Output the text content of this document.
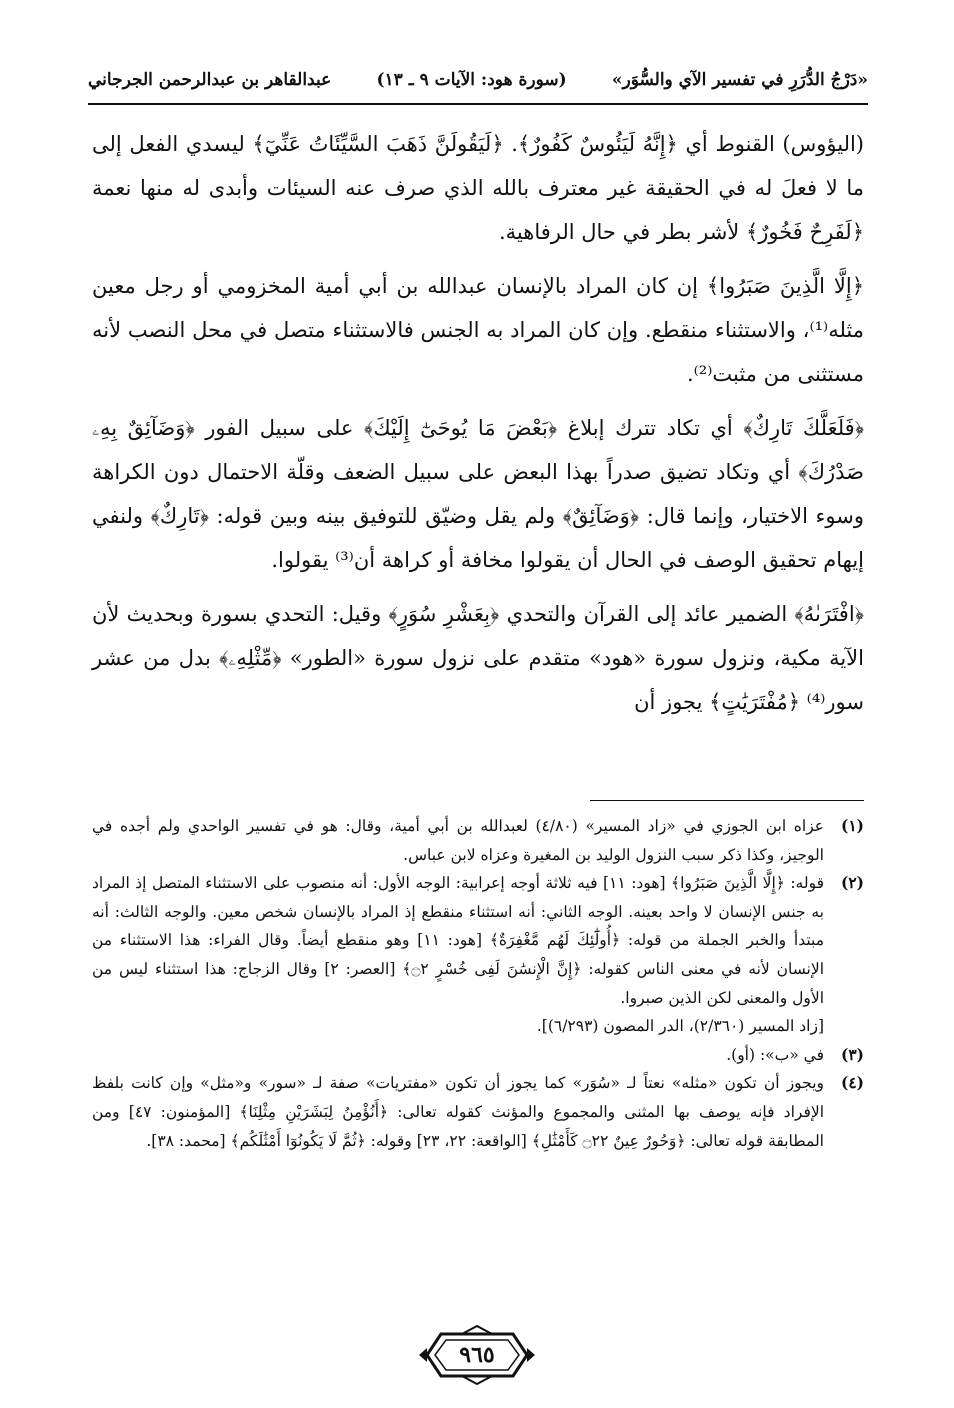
«دَرْجُ الدُّرَرِ في تفسير الآي والسُّوَر»
(سورة هود: الآيات ٩ ـ ١٣)
عبدالقاهر بن عبدالرحمن الجرجاني

(اليؤوس) القنوط أي ﴿إِنَّهُ لَيَئُوسٌ كَفُورٌ﴾. ﴿لَيَقُولَنَّ ذَهَبَ السَّيِّئَاتُ عَنِّيٓ﴾ ليسدي الفعل إلى ما لا فعلَ له في الحقيقة غير معترف بالله الذي صرف عنه السيئات وأبدى له منها نعمة ﴿لَفَرِحٌ فَخُورٌ﴾ لأشر بطر في حال الرفاهية.

﴿إِلَّا الَّذِينَ صَبَرُوا﴾ إن كان المراد بالإنسان عبدالله بن أبي أمية المخزومي أو رجل معين مثله⁽¹⁾، والاستثناء منقطع. وإن كان المراد به الجنس فالاستثناء متصل في محل النصب لأنه مستثنى من مثبت⁽²⁾.

﴿فَلَعَلَّكَ تَارِكٌ﴾ أي تكاد تترك إبلاغ ﴿بَعْضَ مَا يُوحَىٰٓ إِلَيْكَ﴾ على سبيل الفور ﴿وَضَآئِقٌ بِهِۦ صَدْرُكَ﴾ أي وتكاد تضيق صدراً بهذا البعض على سبيل الضعف وقلّة الاحتمال دون الكراهة وسوء الاختيار، وإنما قال: ﴿وَضَآئِقٌ﴾ ولم يقل وضيّق للتوفيق بينه وبين قوله: ﴿تَارِكٌ﴾ ولنفي إيهام تحقيق الوصف في الحال أن يقولوا مخافة أو كراهة أن⁽³⁾ يقولوا.

﴿افْتَرَىٰهُ﴾ الضمير عائد إلى القرآن والتحدي ﴿بِعَشْرِ سُوَرٍ﴾ وقيل: التحدي بسورة وبحديث لأن الآية مكية، ونزول سورة «هود» متقدم على نزول سورة «الطور» ﴿مِّثْلِهِۦ﴾ بدل من عشر سور⁽⁴⁾ ﴿مُفْتَرَيَٰتٍ﴾ يجوز أن

(١)
عزاه ابن الجوزي في «زاد المسير» (٤/٨٠) لعبدالله بن أبي أمية، وقال: هو في تفسير الواحدي ولم أجده في الوجيز، وكذا ذكر سبب النزول الوليد بن المغيرة وعزاه لابن عباس.
(٢)
قوله: ﴿إِلَّا الَّذِينَ صَبَرُوا﴾ [هود: ١١] فيه ثلاثة أوجه إعرابية: الوجه الأول: أنه منصوب على الاستثناء المتصل إذ المراد به جنس الإنسان لا واحد بعينه. الوجه الثاني: أنه استثناء منقطع إذ المراد بالإنسان شخص معين. والوجه الثالث: أنه مبتدأ والخبر الجملة من قوله: ﴿أُولَٰٓئِكَ لَهُم مَّغْفِرَةٌ﴾ [هود: ١١] وهو منقطع أيضاً. وقال الفراء: هذا الاستثناء من الإنسان لأنه في معنى الناس كقوله: ﴿إِنَّ الْإِنسَٰنَ لَفِى خُسْرٍ ۝٢﴾ [العصر: ٢] وقال الزجاج: هذا استثناء ليس من الأول والمعنى لكن الذين صبروا.
[زاد المسير (٢/٣٦٠)، الدر المصون (٦/٢٩٣)].
(٣)
في «ب»: (أو).
(٤)
ويجوز أن تكون «مثله» نعتاً لـ «سُوَر» كما يجوز أن تكون «مفتريات» صفة لـ «سور» و«مثل» وإن كانت بلفظ الإفراد فإنه يوصف بها المثنى والمجموع والمؤنث كقوله تعالى: ﴿أَنُؤْمِنُ لِبَشَرَيْنِ مِثْلِنَا﴾ [المؤمنون: ٤٧] ومن المطابقة قوله تعالى: ﴿وَحُورٌ عِينٌ ۝٢٢ كَأَمْثَٰلِ﴾ [الواقعة: ٢٢، ٢٣] وقوله: ﴿ثُمَّ لَا يَكُونُوٓا أَمْثَٰلَكُم﴾ [محمد: ٣٨].
٩٦٥
